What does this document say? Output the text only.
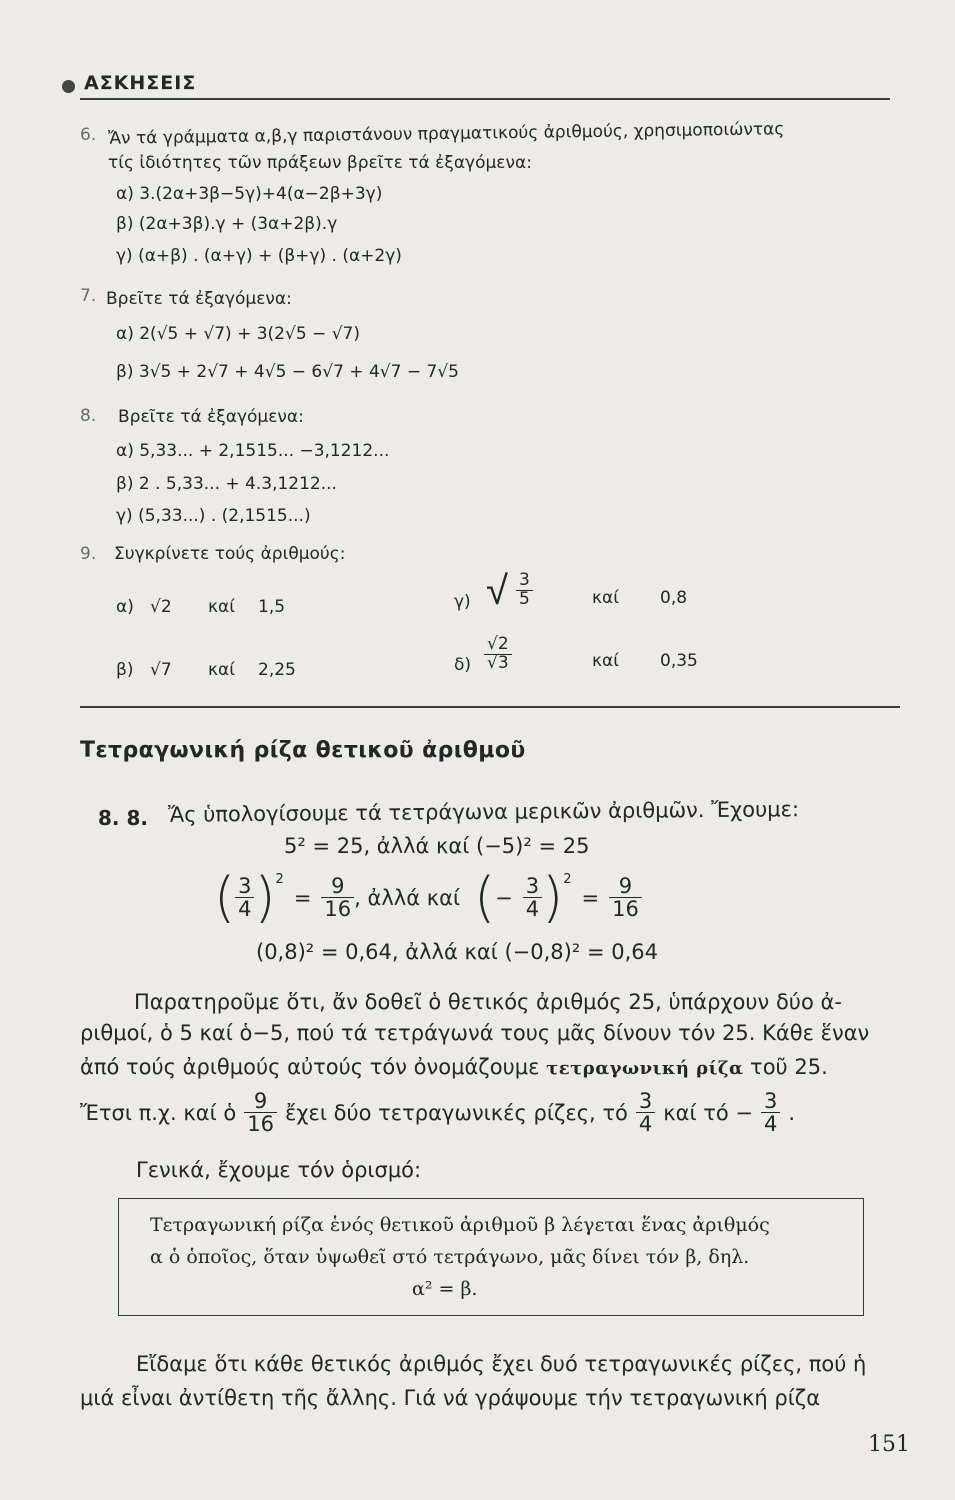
ΑΣΚΗΣΕΙΣ
6. Ἄν τά γράμματα α,β,γ παριστάνουν πραγματικούς ἀριθμούς, χρησιμοποιώντας
τίς ἰδιότητες τῶν πράξεων βρεῖτε τά ἐξαγόμενα:
α) 3.(2α+3β−5γ)+4(α−2β+3γ)
β) (2α+3β).γ + (3α+2β).γ
γ) (α+β) . (α+γ) + (β+γ) . (α+2γ)
7. Βρεῖτε τά ἐξαγόμενα:
α) 2(√5 + √7) + 3(2√5 − √7)
β) 3√5 + 2√7 + 4√5 − 6√7 + 4√7 − 7√5
8. Βρεῖτε τά ἐξαγόμενα:
α) 5,33... + 2,1515... −3,1212...
β) 2 . 5,33... + 4.3,1212...
γ) (5,33...) . (2,1515...)
9. Συγκρίνετε τούς ἀριθμούς:
α) √2 καί 1,5	γ) √ $\frac{3}{5}$	καί 0,8
β) √7 καί 2,25	$\delta) \frac{√2}{√3}$	καί 0,35
Τετραγωνική ρίζα θετικοῦ ἀριθμοῦ
8. 8. Ἄς ὑπολογίσουμε τά τετράγωνα μερικῶν ἀριθμῶν. Ἔχουμε:
5² = 25, ἀλλά καί (−5)² = 25
( $\frac{3}{4}$ ) 2
= $\frac{9}{16}$ , ἀλλά καί ( − $\frac{3}{4}$ ) 2
= $\frac{9}{16}$
(0,8)² = 0,64, ἀλλά καί (−0,8)² = 0,64
Παρατηροῦμε ὅτι, ἄν δοθεῖ ὁ θετικός ἀριθμός 25, ὑπάρχουν δύο ἀ-
ριθμοί, ὁ 5 καί ὁ−5, πού τά τετράγωνά τους μᾶς δίνουν τόν 25. Κάθε ἕναν
ἀπό τούς ἀριθμούς αὐτούς τόν ὀνομάζουμε τετραγωνική ρίζα τοῦ 25.
Ἔτσι π.χ. καί ὁ $\frac{9}{16}$ ἔχει δύο τετραγωνικές ρίζες, τό $\frac{3}{4}$ καί $\tau ό - \frac{3}{4}$ .
Γενικά, ἔχουμε τόν ὁρισμό:
Τετραγωνική ρίζα ἑνός θετικοῦ ἀριθμοῦ β λέγεται ἕνας ἀριθμός
α ὁ ὁποῖος, ὅταν ὑψωθεῖ στό τετράγωνο, μᾶς δίνει τόν β, δηλ.
α² = β.
Εἴδαμε ὅτι κάθε θετικός ἀριθμός ἔχει δυό τετραγωνικές ρίζες, πού ἡ
μιά εἶναι ἀντίθετη τῆς ἄλλης. Γιά νά γράψουμε τήν τετραγωνική ρίζα
151
